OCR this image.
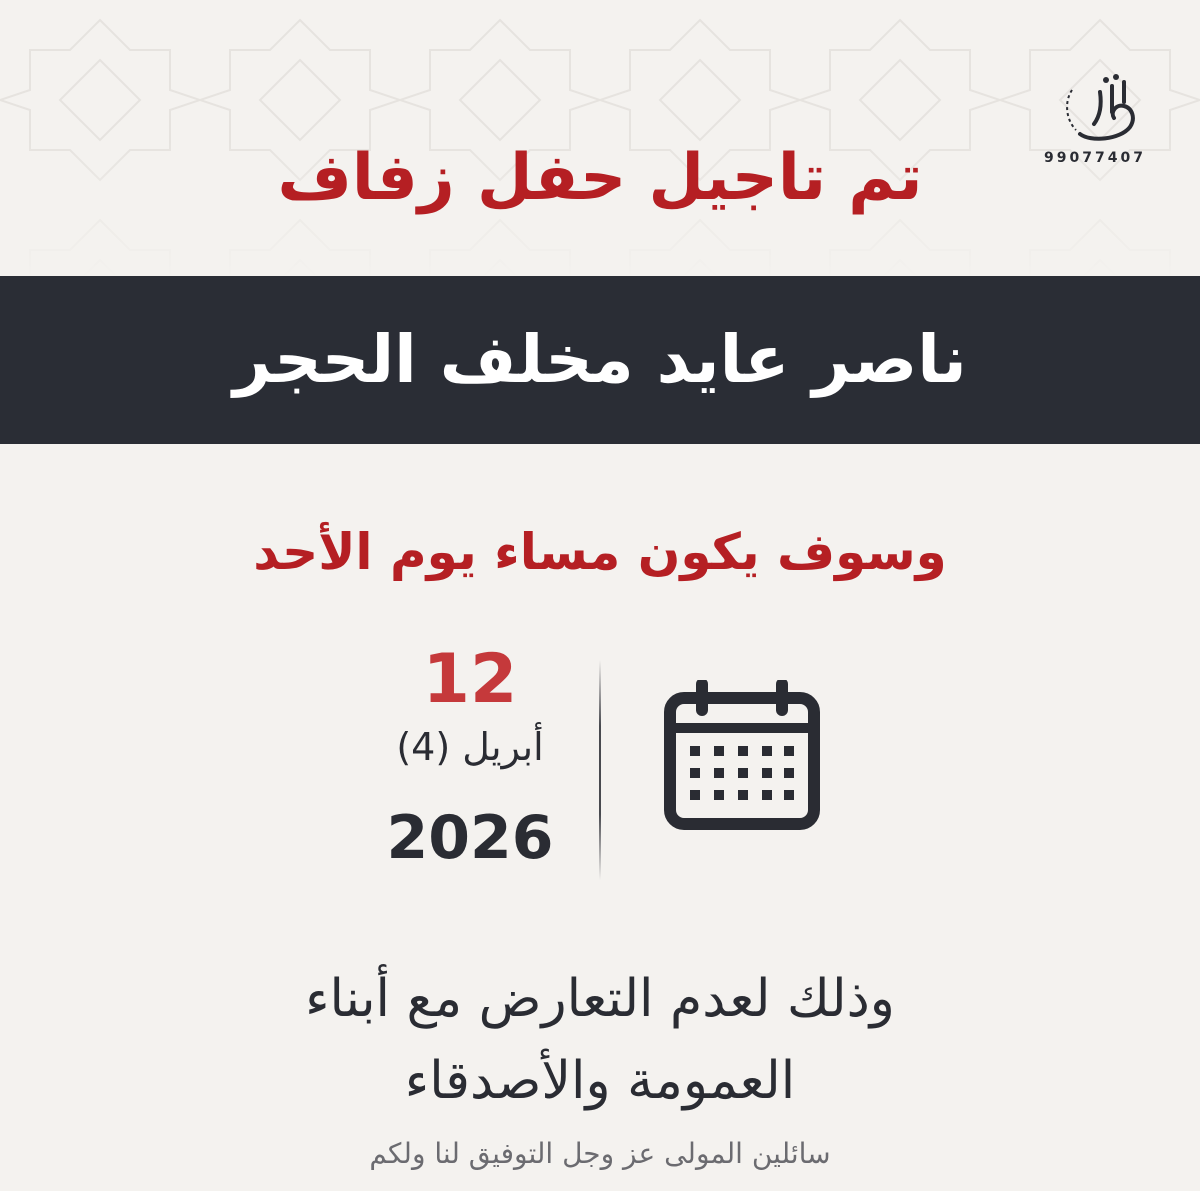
99077407
تم تاجيل حفل زفاف
ناصر عايد مخلف الحجر
وسوف يكون مساء يوم الأحد
12
أبريل (4)
2026
وذلك لعدم التعارض مع أبناء
العمومة والأصدقاء
سائلين المولى عز وجل التوفيق لنا ولكم
